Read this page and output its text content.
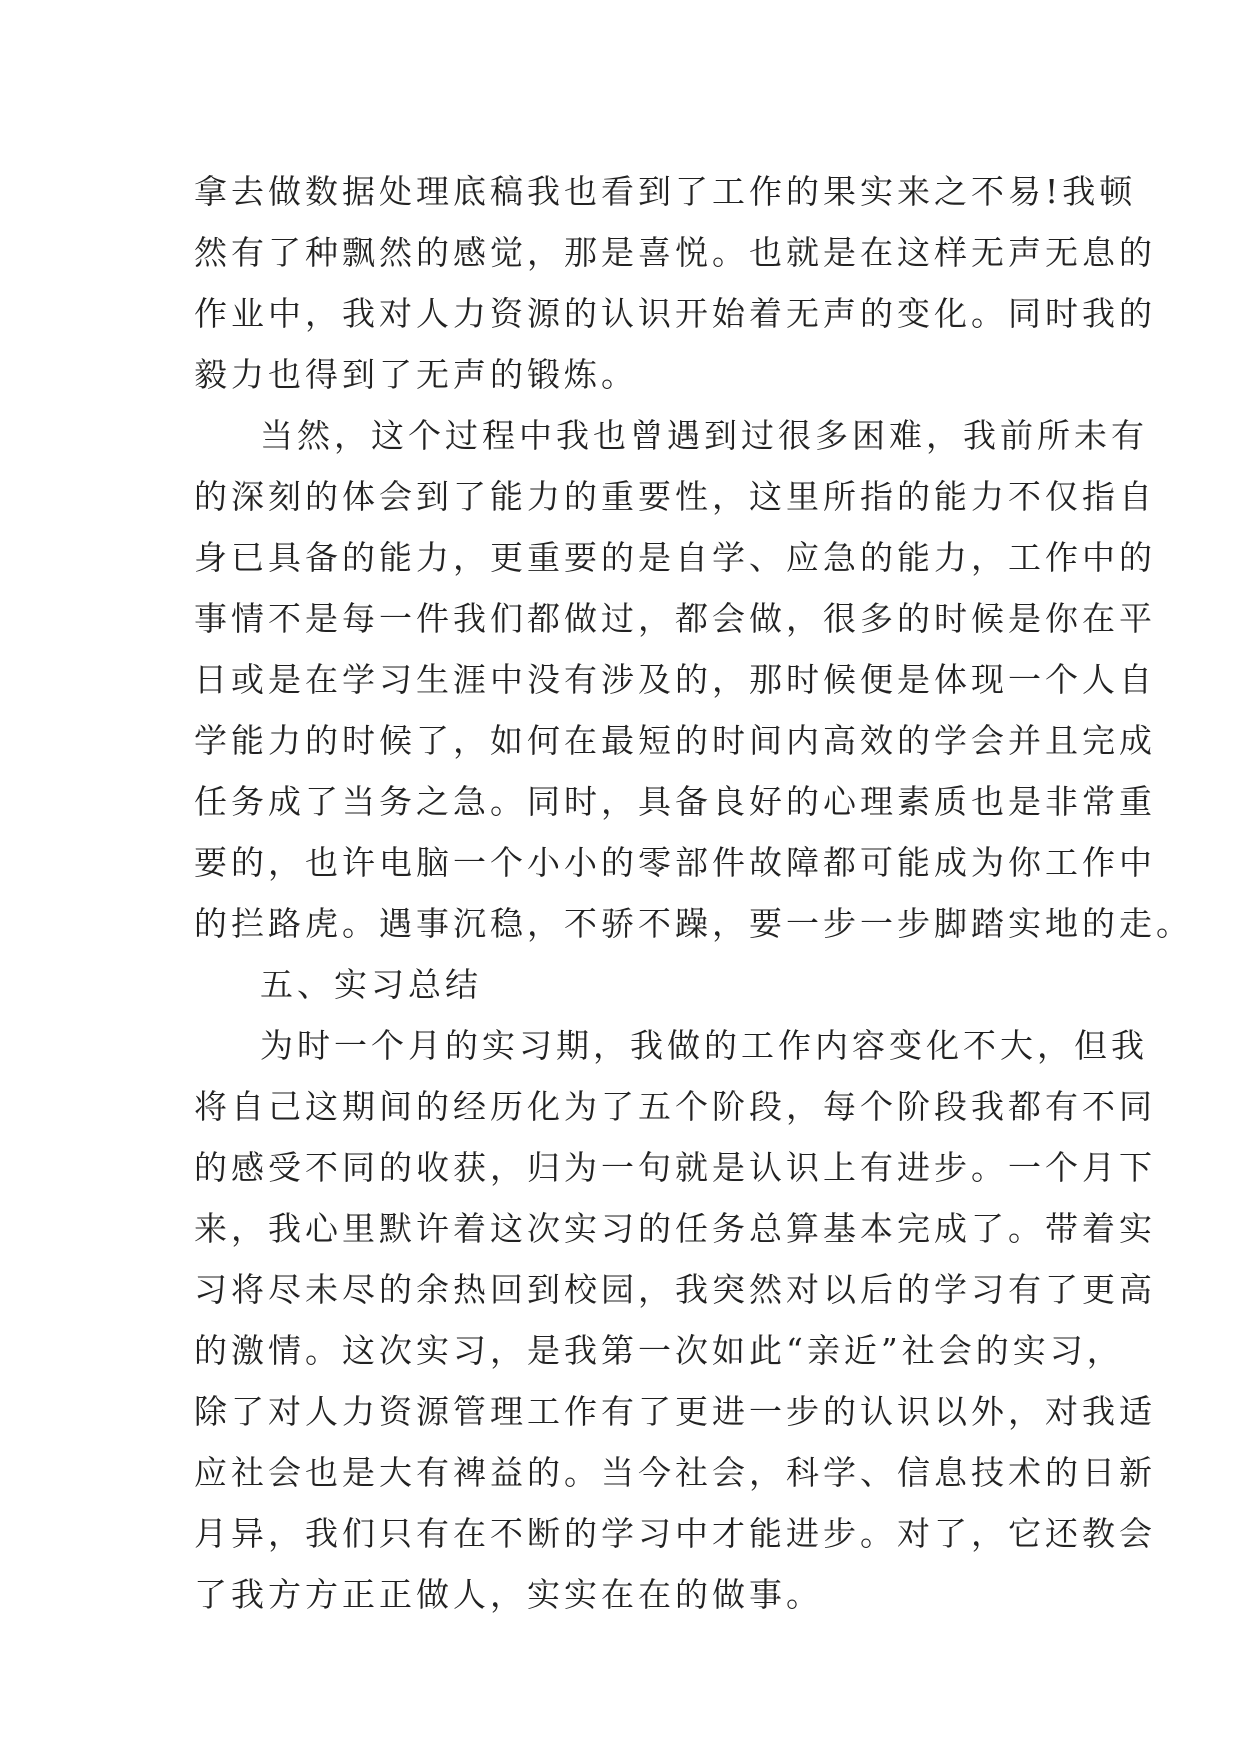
拿去做数据处理底稿我也看到了工作的果实来之不易!我顿
然有了种飘然的感觉，那是喜悦。也就是在这样无声无息的
作业中，我对人力资源的认识开始着无声的变化。同时我的
毅力也得到了无声的锻炼。
当然，这个过程中我也曾遇到过很多困难，我前所未有
的深刻的体会到了能力的重要性，这里所指的能力不仅指自
身已具备的能力，更重要的是自学、应急的能力，工作中的
事情不是每一件我们都做过，都会做，很多的时候是你在平
日或是在学习生涯中没有涉及的，那时候便是体现一个人自
学能力的时候了，如何在最短的时间内高效的学会并且完成
任务成了当务之急。同时，具备良好的心理素质也是非常重
要的，也许电脑一个小小的零部件故障都可能成为你工作中
的拦路虎。遇事沉稳，不骄不躁，要一步一步脚踏实地的走。
五、实习总结
为时一个月的实习期，我做的工作内容变化不大，但我
将自己这期间的经历化为了五个阶段，每个阶段我都有不同
的感受不同的收获，归为一句就是认识上有进步。一个月下
来，我心里默许着这次实习的任务总算基本完成了。带着实
习将尽未尽的余热回到校园，我突然对以后的学习有了更高
的激情。这次实习，是我第一次如此“亲近”社会的实习，
除了对人力资源管理工作有了更进一步的认识以外，对我适
应社会也是大有裨益的。当今社会，科学、信息技术的日新
月异，我们只有在不断的学习中才能进步。对了，它还教会
了我方方正正做人，实实在在的做事。
